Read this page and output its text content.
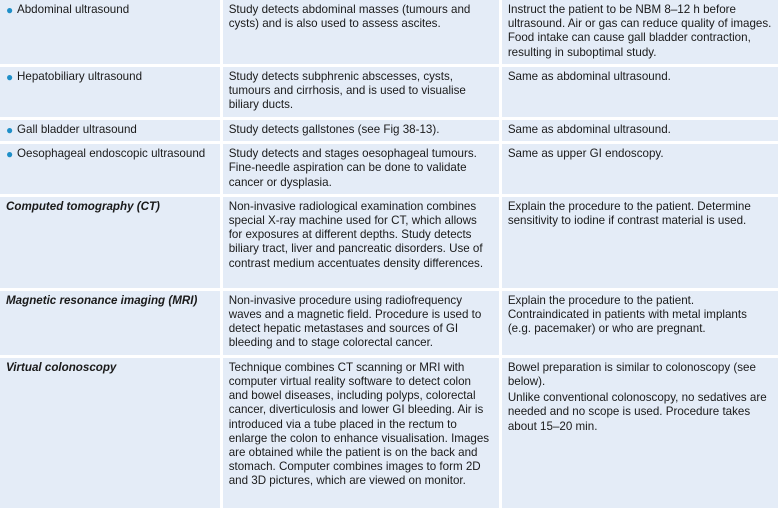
● Abdominal ultrasound	Study detects abdominal masses (tumours and cysts) and is also used to assess ascites.	Instruct the patient to be NBM 8–12 h before ultrasound. Air or gas can reduce quality of images. Food intake can cause gall bladder contraction, resulting in suboptimal study.

● Hepatobiliary ultrasound	Study detects subphrenic abscesses, cysts, tumours and cirrhosis, and is used to visualise biliary ducts.	Same as abdominal ultrasound.

● Gall bladder ultrasound	Study detects gallstones (see Fig 38-13).	Same as abdominal ultrasound.

● Oesophageal endoscopic ultrasound	Study detects and stages oesophageal tumours. Fine-needle aspiration can be done to validate cancer or dysplasia.	Same as upper GI endoscopy.

Computed tomography (CT)	Non-invasive radiological examination combines special X-ray machine used for CT, which allows for exposures at different depths. Study detects biliary tract, liver and pancreatic disorders. Use of contrast medium accentuates density differences.	Explain the procedure to the patient. Determine sensitivity to iodine if contrast material is used.

Magnetic resonance imaging (MRI)	Non-invasive procedure using radiofrequency waves and a magnetic field. Procedure is used to detect hepatic metastases and sources of GI bleeding and to stage colorectal cancer.	Explain the procedure to the patient. Contraindicated in patients with metal implants (e.g. pacemaker) or who are pregnant.

Virtual colonoscopy	Technique combines CT scanning or MRI with computer virtual reality software to detect colon and bowel diseases, including polyps, colorectal cancer, diverticulosis and lower GI bleeding. Air is introduced via a tube placed in the rectum to enlarge the colon to enhance visualisation. Images are obtained while the patient is on the back and stomach. Computer combines images to form 2D and 3D pictures, which are viewed on monitor.	Bowel preparation is similar to colonoscopy (see below).

Unlike conventional colonoscopy, no sedatives are needed and no scope is used. Procedure takes about 15–20 min.
